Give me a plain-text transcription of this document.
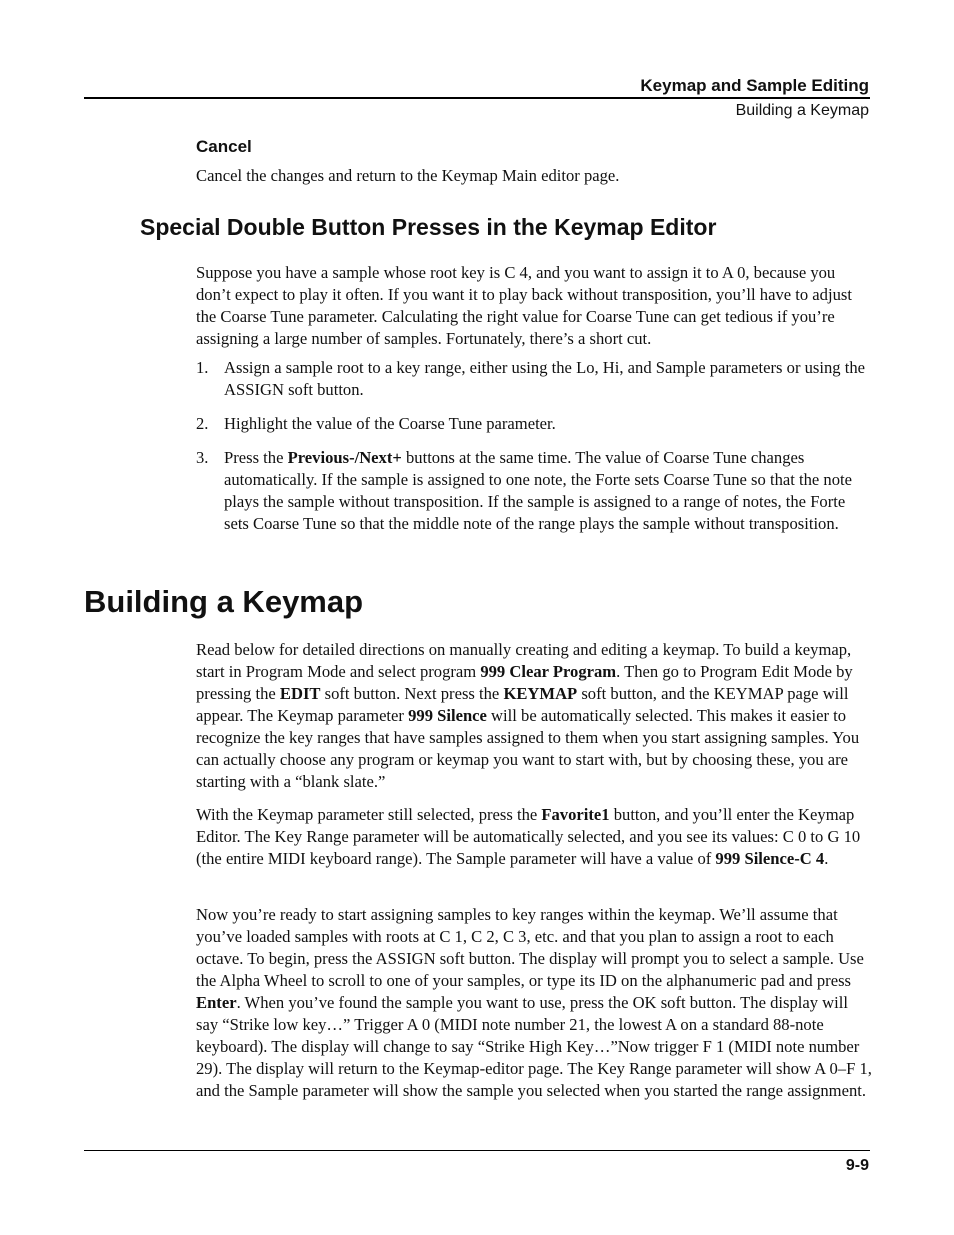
Keymap and Sample Editing
Building a Keymap
Cancel
Cancel the changes and return to the Keymap Main editor page.
Special Double Button Presses in the Keymap Editor
Suppose you have a sample whose root key is C 4, and you want to assign it to A 0, because you don’t expect to play it often. If you want it to play back without transposition, you’ll have to adjust the Coarse Tune parameter. Calculating the right value for Coarse Tune can get tedious if you’re assigning a large number of samples. Fortunately, there’s a short cut.
1. Assign a sample root to a key range, either using the Lo, Hi, and Sample parameters or using the ASSIGN soft button.
2. Highlight the value of the Coarse Tune parameter.
3. Press the Previous-/Next+ buttons at the same time. The value of Coarse Tune changes automatically. If the sample is assigned to one note, the Forte sets Coarse Tune so that the note plays the sample without transposition. If the sample is assigned to a range of notes, the Forte sets Coarse Tune so that the middle note of the range plays the sample without transposition.
Building a Keymap
Read below for detailed directions on manually creating and editing a keymap. To build a keymap, start in Program Mode and select program 999 Clear Program. Then go to Program Edit Mode by pressing the EDIT soft button. Next press the KEYMAP soft button, and the KEYMAP page will appear. The Keymap parameter 999 Silence will be automatically selected. This makes it easier to recognize the key ranges that have samples assigned to them when you start assigning samples. You can actually choose any program or keymap you want to start with, but by choosing these, you are starting with a “blank slate.”
With the Keymap parameter still selected, press the Favorite1 button, and you’ll enter the Keymap Editor. The Key Range parameter will be automatically selected, and you see its values: C 0 to G 10 (the entire MIDI keyboard range). The Sample parameter will have a value of 999 Silence-C 4.
Now you’re ready to start assigning samples to key ranges within the keymap. We’ll assume that you’ve loaded samples with roots at C 1, C 2, C 3, etc. and that you plan to assign a root to each octave. To begin, press the ASSIGN soft button. The display will prompt you to select a sample. Use the Alpha Wheel to scroll to one of your samples, or type its ID on the alphanumeric pad and press Enter. When you’ve found the sample you want to use, press the OK soft button. The display will say “Strike low key…” Trigger A 0 (MIDI note number 21, the lowest A on a standard 88-note keyboard). The display will change to say “Strike High Key…”Now trigger F 1 (MIDI note number 29). The display will return to the Keymap-editor page. The Key Range parameter will show A 0–F 1, and the Sample parameter will show the sample you selected when you started the range assignment.
9-9
